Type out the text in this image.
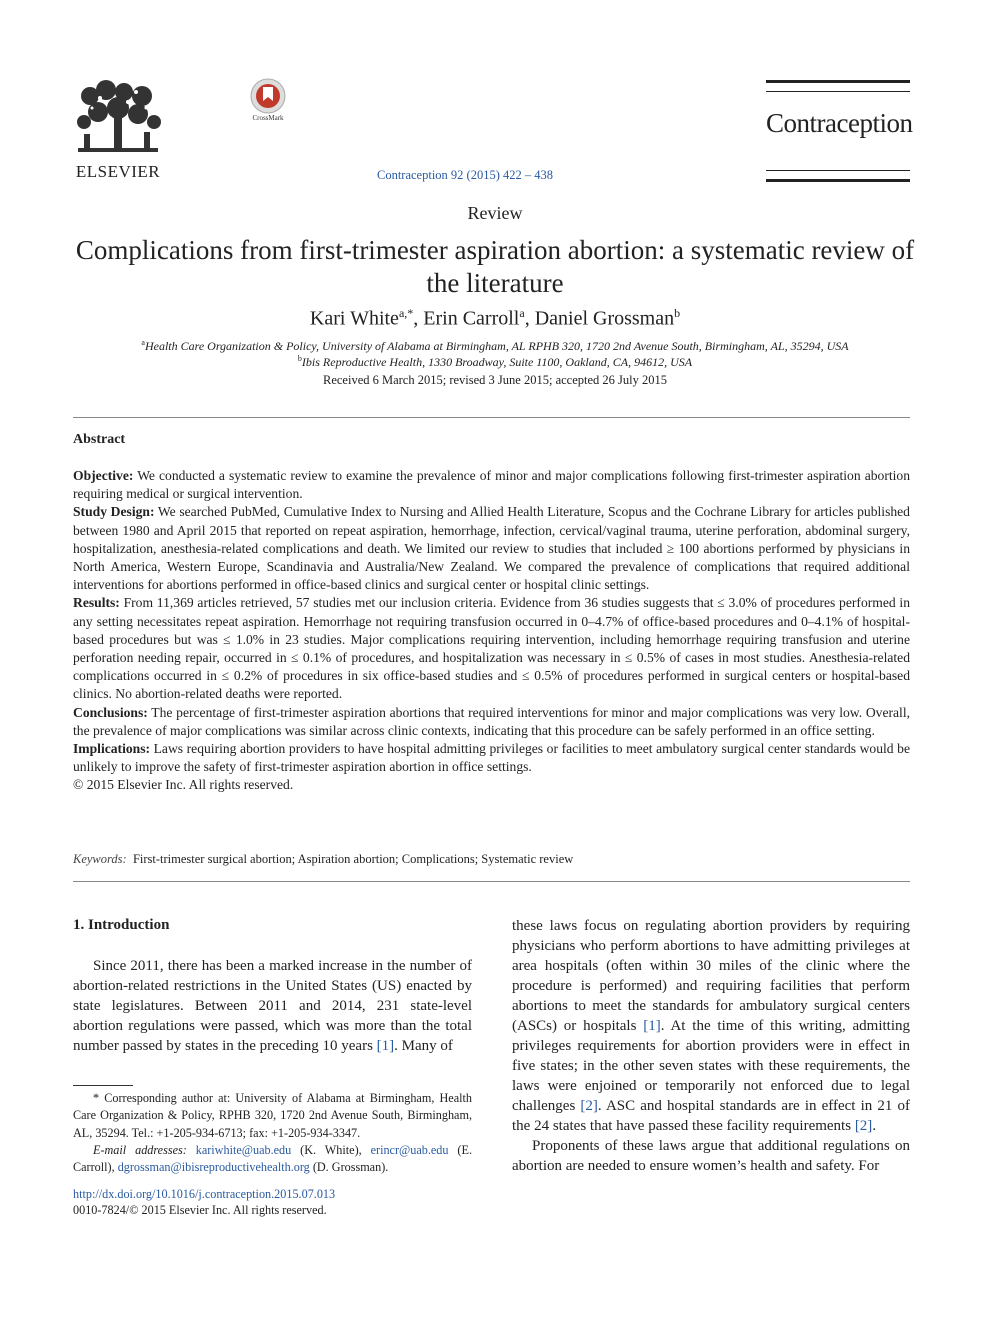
ELSEVIER
CrossMark	Contraception
Contraception 92 (2015) 422 – 438
Review
Complications from first-trimester aspiration abortion: a systematic review of the literature
Kari White$^{a,*}$, Erin Carroll$^a$, Daniel Grossman$^b$
$^a$Health Care Organization & Policy, University of Alabama at Birmingham, AL RPHB 320, 1720 2nd Avenue South, Birmingham, AL, 35294, USA
$^b$Ibis Reproductive Health, 1330 Broadway, Suite 1100, Oakland, CA, 94612, USA
Received 6 March 2015; revised 3 June 2015; accepted 26 July 2015
Abstract

Objective: We conducted a systematic review to examine the prevalence of minor and major complications following first-trimester aspiration abortion requiring medical or surgical intervention.

Study Design: We searched PubMed, Cumulative Index to Nursing and Allied Health Literature, Scopus and the Cochrane Library for articles published between 1980 and April 2015 that reported on repeat aspiration, hemorrhage, infection, cervical/vaginal trauma, uterine perforation, abdominal surgery, hospitalization, anesthesia-related complications and death. We limited our review to studies that included ≥ 100 abortions performed by physicians in North America, Western Europe, Scandinavia and Australia/New Zealand. We compared the prevalence of complications that required additional interventions for abortions performed in office-based clinics and surgical center or hospital clinic settings.

Results: From 11,369 articles retrieved, 57 studies met our inclusion criteria. Evidence from 36 studies suggests that ≤ 3.0% of procedures performed in any setting necessitates repeat aspiration. Hemorrhage not requiring transfusion occurred in 0–4.7% of office-based procedures and 0–4.1% of hospital-based procedures but was ≤ 1.0% in 23 studies. Major complications requiring intervention, including hemorrhage requiring transfusion and uterine perforation needing repair, occurred in ≤ 0.1% of procedures, and hospitalization was necessary in ≤ 0.5% of cases in most studies. Anesthesia-related complications occurred in ≤ 0.2% of procedures in six office-based studies and ≤ 0.5% of procedures performed in surgical centers or hospital-based clinics. No abortion-related deaths were reported.

Conclusions: The percentage of first-trimester aspiration abortions that required interventions for minor and major complications was very low. Overall, the prevalence of major complications was similar across clinic contexts, indicating that this procedure can be safely performed in an office setting.

Implications: Laws requiring abortion providers to have hospital admitting privileges or facilities to meet ambulatory surgical center standards would be unlikely to improve the safety of first-trimester aspiration abortion in office settings.

© 2015 Elsevier Inc. All rights reserved.

Keywords: First-trimester surgical abortion; Aspiration abortion; Complications; Systematic review
1. Introduction

Since 2011, there has been a marked increase in the number of abortion-related restrictions in the United States (US) enacted by state legislatures. Between 2011 and 2014, 231 state-level abortion regulations were passed, which was more than the total number passed by states in the preceding 10 years [1]. Many of

these laws focus on regulating abortion providers by requiring physicians who perform abortions to have admitting privileges at area hospitals (often within 30 miles of the clinic where the procedure is performed) and requiring facilities that perform abortions to meet the standards for ambulatory surgical centers (ASCs) or hospitals [1]. At the time of this writing, admitting privileges requirements for abortion providers were in effect in five states; in the other seven states with these requirements, the laws were enjoined or temporarily not enforced due to legal challenges [2]. ASC and hospital standards are in effect in 21 of the 24 states that have passed these facility requirements [2].

Proponents of these laws argue that additional regulations on abortion are needed to ensure women’s health and safety. For

* Corresponding author at: University of Alabama at Birmingham, Health Care Organization & Policy, RPHB 320, 1720 2nd Avenue South, Birmingham, AL, 35294. Tel.: +1-205-934-6713; fax: +1-205-934-3347.

E-mail addresses: kariwhite@uab.edu (K. White), erincr@uab.edu (E. Carroll), dgrossman@ibisreproductivehealth.org (D. Grossman).

http://dx.doi.org/10.1016/j.contraception.2015.07.013
0010-7824/© 2015 Elsevier Inc. All rights reserved.
